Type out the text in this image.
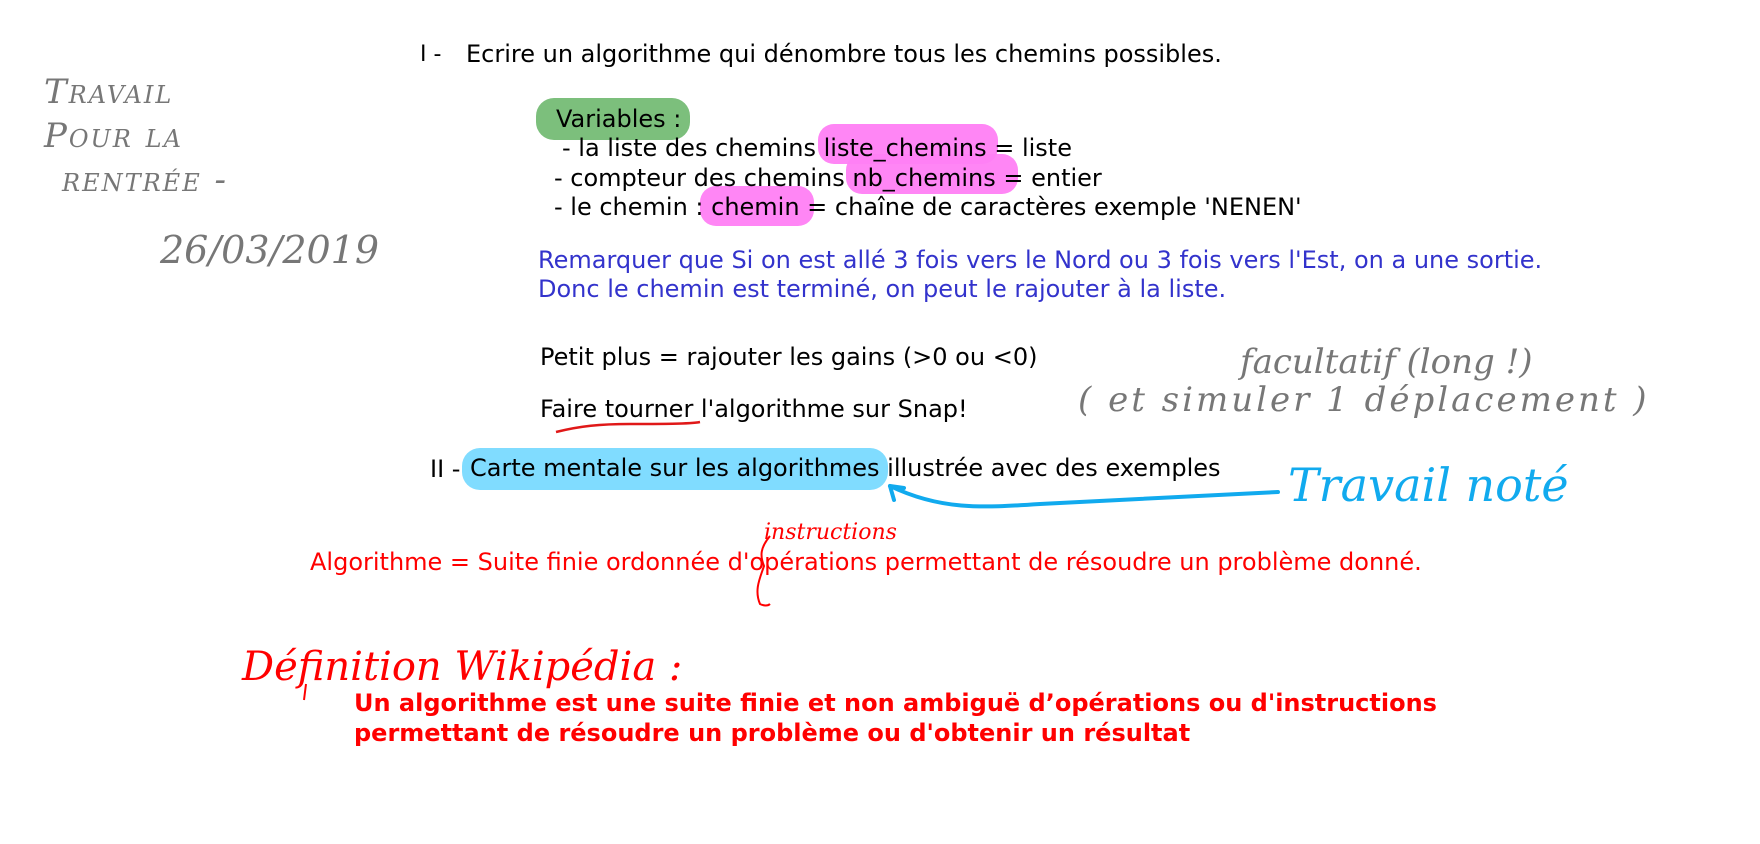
Travail
Pour la
rentrée -
26/03/2019
I - Ecrire un algorithme qui dénombre tous les chemins possibles.
Variables :
- la liste des chemins liste_chemins = liste
- compteur des chemins nb_chemins = entier
- le chemin : chemin = chaîne de caractères exemple 'NENEN'
Remarquer que Si on est allé 3 fois vers le Nord ou 3 fois vers l'Est, on a une sortie.
Donc le chemin est terminé, on peut le rajouter à la liste.
Petit plus = rajouter les gains (>0 ou <0)
Faire tourner l'algorithme sur Snap!
facultatif (long !)
( et simuler 1 déplacement )
II - Carte mentale sur les algorithmes illustrée avec des exemples Travail noté
instructions
Algorithme = Suite finie ordonnée d'opérations permettant de résoudre un problème donné.
Définition Wikipédia :
Un algorithme est une suite finie et non ambiguë d’opérations ou d'instructions
permettant de résoudre un problème ou d'obtenir un résultat
